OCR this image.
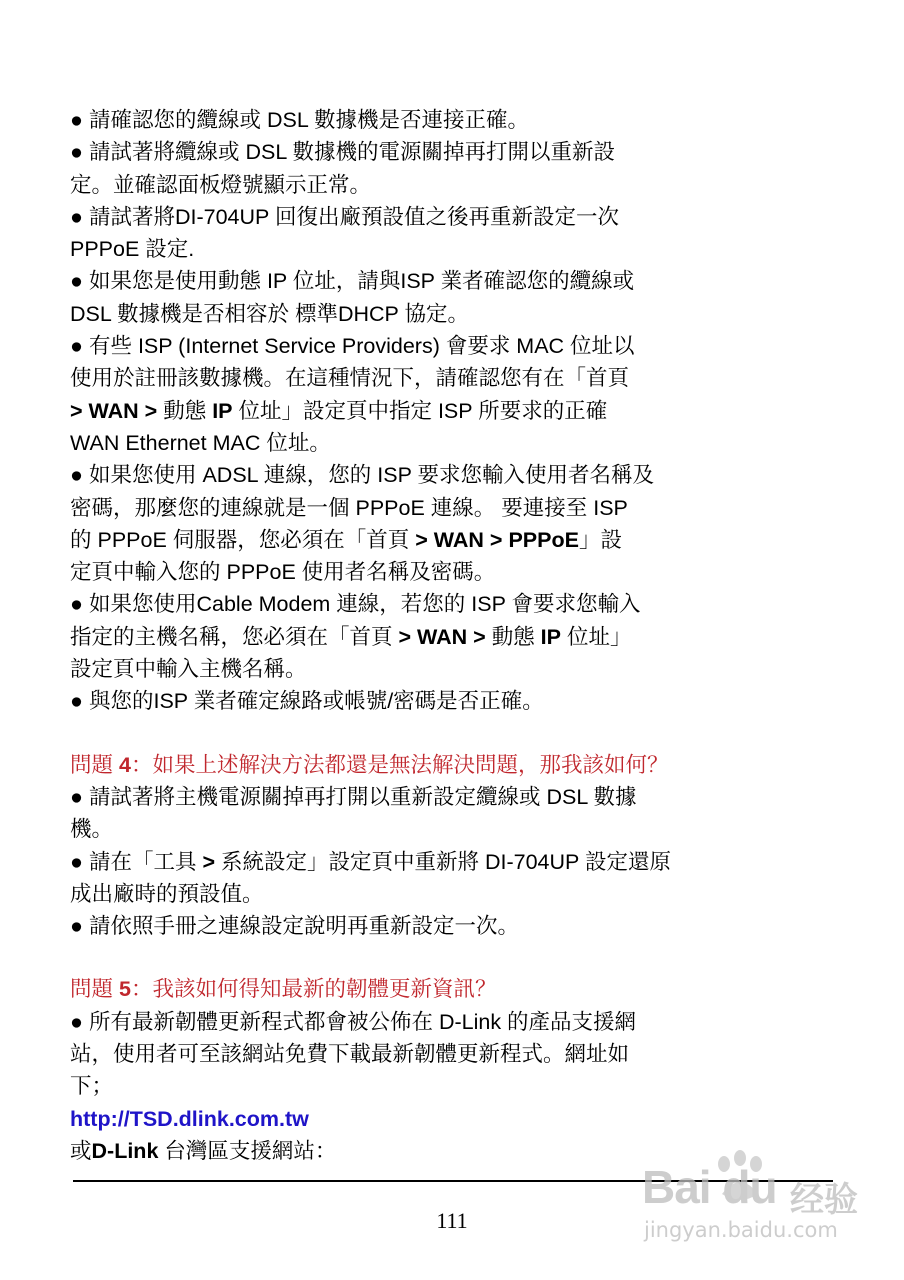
● 請確認您的纜線或 DSL 數據機是否連接正確。
● 請試著將纜線或 DSL 數據機的電源關掉再打開以重新設
定。並確認面板燈號顯示正常。
● 請試著將DI-704UP 回復出廠預設值之後再重新設定一次
PPPoE 設定.
● 如果您是使用動態 IP 位址，請與ISP 業者確認您的纜線或
DSL 數據機是否相容於 標準DHCP 協定。
● 有些 ISP (Internet Service Providers) 會要求 MAC 位址以
使用於註冊該數據機。在這種情況下，請確認您有在「首頁
> WAN > 動態 IP 位址」設定頁中指定 ISP 所要求的正確
WAN Ethernet MAC 位址。
● 如果您使用 ADSL 連線，您的 ISP 要求您輸入使用者名稱及
密碼，那麼您的連線就是一個 PPPoE 連線。 要連接至 ISP
的 PPPoE 伺服器，您必須在「首頁 > WAN > PPPoE」設
定頁中輸入您的 PPPoE 使用者名稱及密碼。
● 如果您使用Cable Modem 連線，若您的 ISP 會要求您輸入
指定的主機名稱，您必須在「首頁 > WAN > 動態 IP 位址」
設定頁中輸入主機名稱。
● 與您的ISP 業者確定線路或帳號/密碼是否正確。
問題 4：如果上述解決方法都還是無法解決問題，那我該如何？
● 請試著將主機電源關掉再打開以重新設定纜線或 DSL 數據
機。
● 請在「工具 > 系統設定」設定頁中重新將 DI-704UP 設定還原
成出廠時的預設值。
● 請依照手冊之連線設定說明再重新設定一次。
問題 5：我該如何得知最新的韌體更新資訊？
● 所有最新韌體更新程式都會被公佈在 D-Link 的產品支援網
站，使用者可至該網站免費下載最新韌體更新程式。網址如
下；
http://TSD.dlink.com.tw
或D-Link 台灣區支援網站：
111
Bai du 经验
jingyan.baidu.com
